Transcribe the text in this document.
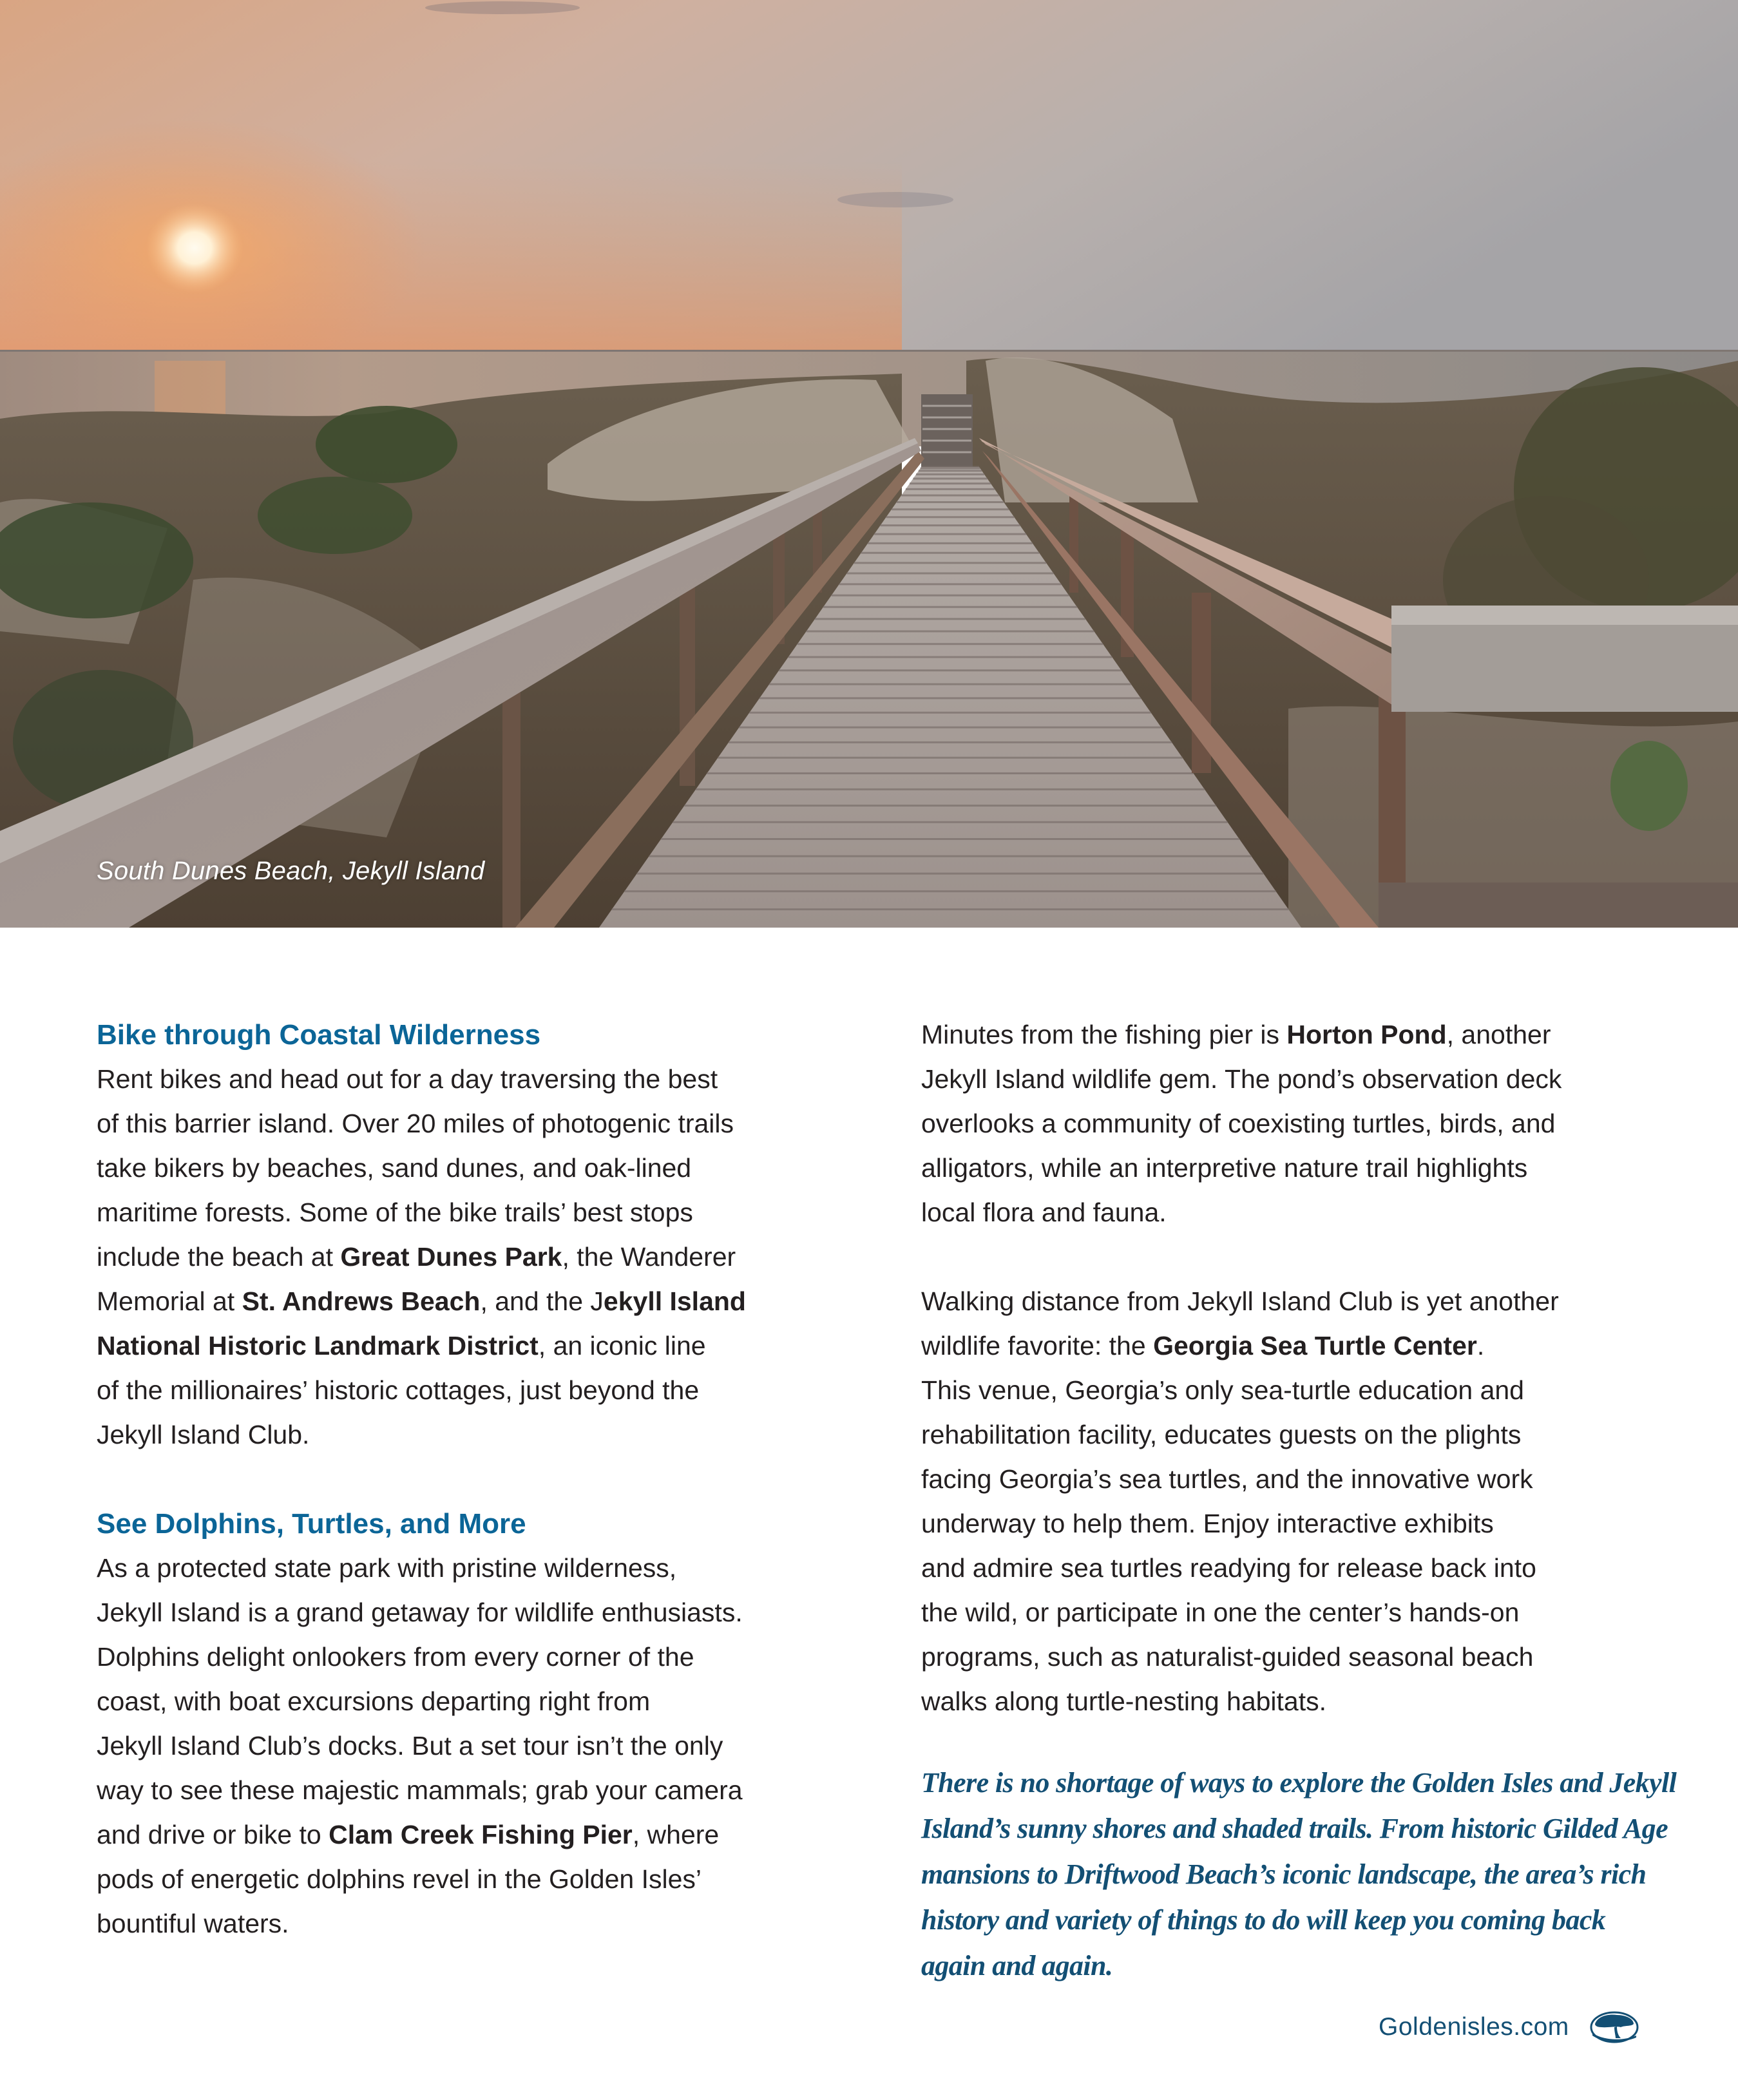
South Dunes Beach, Jekyll Island
Bike through Coastal Wilderness

Rent bikes and head out for a day traversing the best
of this barrier island. Over 20 miles of photogenic trails
take bikers by beaches, sand dunes, and oak-lined
maritime forests. Some of the bike trails’ best stops
include the beach at Great Dunes Park, the Wanderer
Memorial at St. Andrews Beach, and the Jekyll Island
National Historic Landmark District, an iconic line
of the millionaires’ historic cottages, just beyond the
Jekyll Island Club.

See Dolphins, Turtles, and More

As a protected state park with pristine wilderness,
Jekyll Island is a grand getaway for wildlife enthusiasts.
Dolphins delight onlookers from every corner of the
coast, with boat excursions departing right from
Jekyll Island Club’s docks. But a set tour isn’t the only
way to see these majestic mammals; grab your camera
and drive or bike to Clam Creek Fishing Pier, where
pods of energetic dolphins revel in the Golden Isles’
bountiful waters.

Minutes from the fishing pier is Horton Pond, another
Jekyll Island wildlife gem. The pond’s observation deck
overlooks a community of coexisting turtles, birds, and
alligators, while an interpretive nature trail highlights
local flora and fauna.

Walking distance from Jekyll Island Club is yet another
wildlife favorite: the Georgia Sea Turtle Center.
This venue, Georgia’s only sea-turtle education and
rehabilitation facility, educates guests on the plights
facing Georgia’s sea turtles, and the innovative work
underway to help them. Enjoy interactive exhibits
and admire sea turtles readying for release back into
the wild, or participate in one the center’s hands-on
programs, such as naturalist-guided seasonal beach
walks along turtle-nesting habitats.

There is no shortage of ways to explore the Golden Isles and Jekyll
Island’s sunny shores and shaded trails. From historic Gilded Age
mansions to Driftwood Beach’s iconic landscape, the area’s rich
history and variety of things to do will keep you coming back
again and again.
Goldenisles.com
